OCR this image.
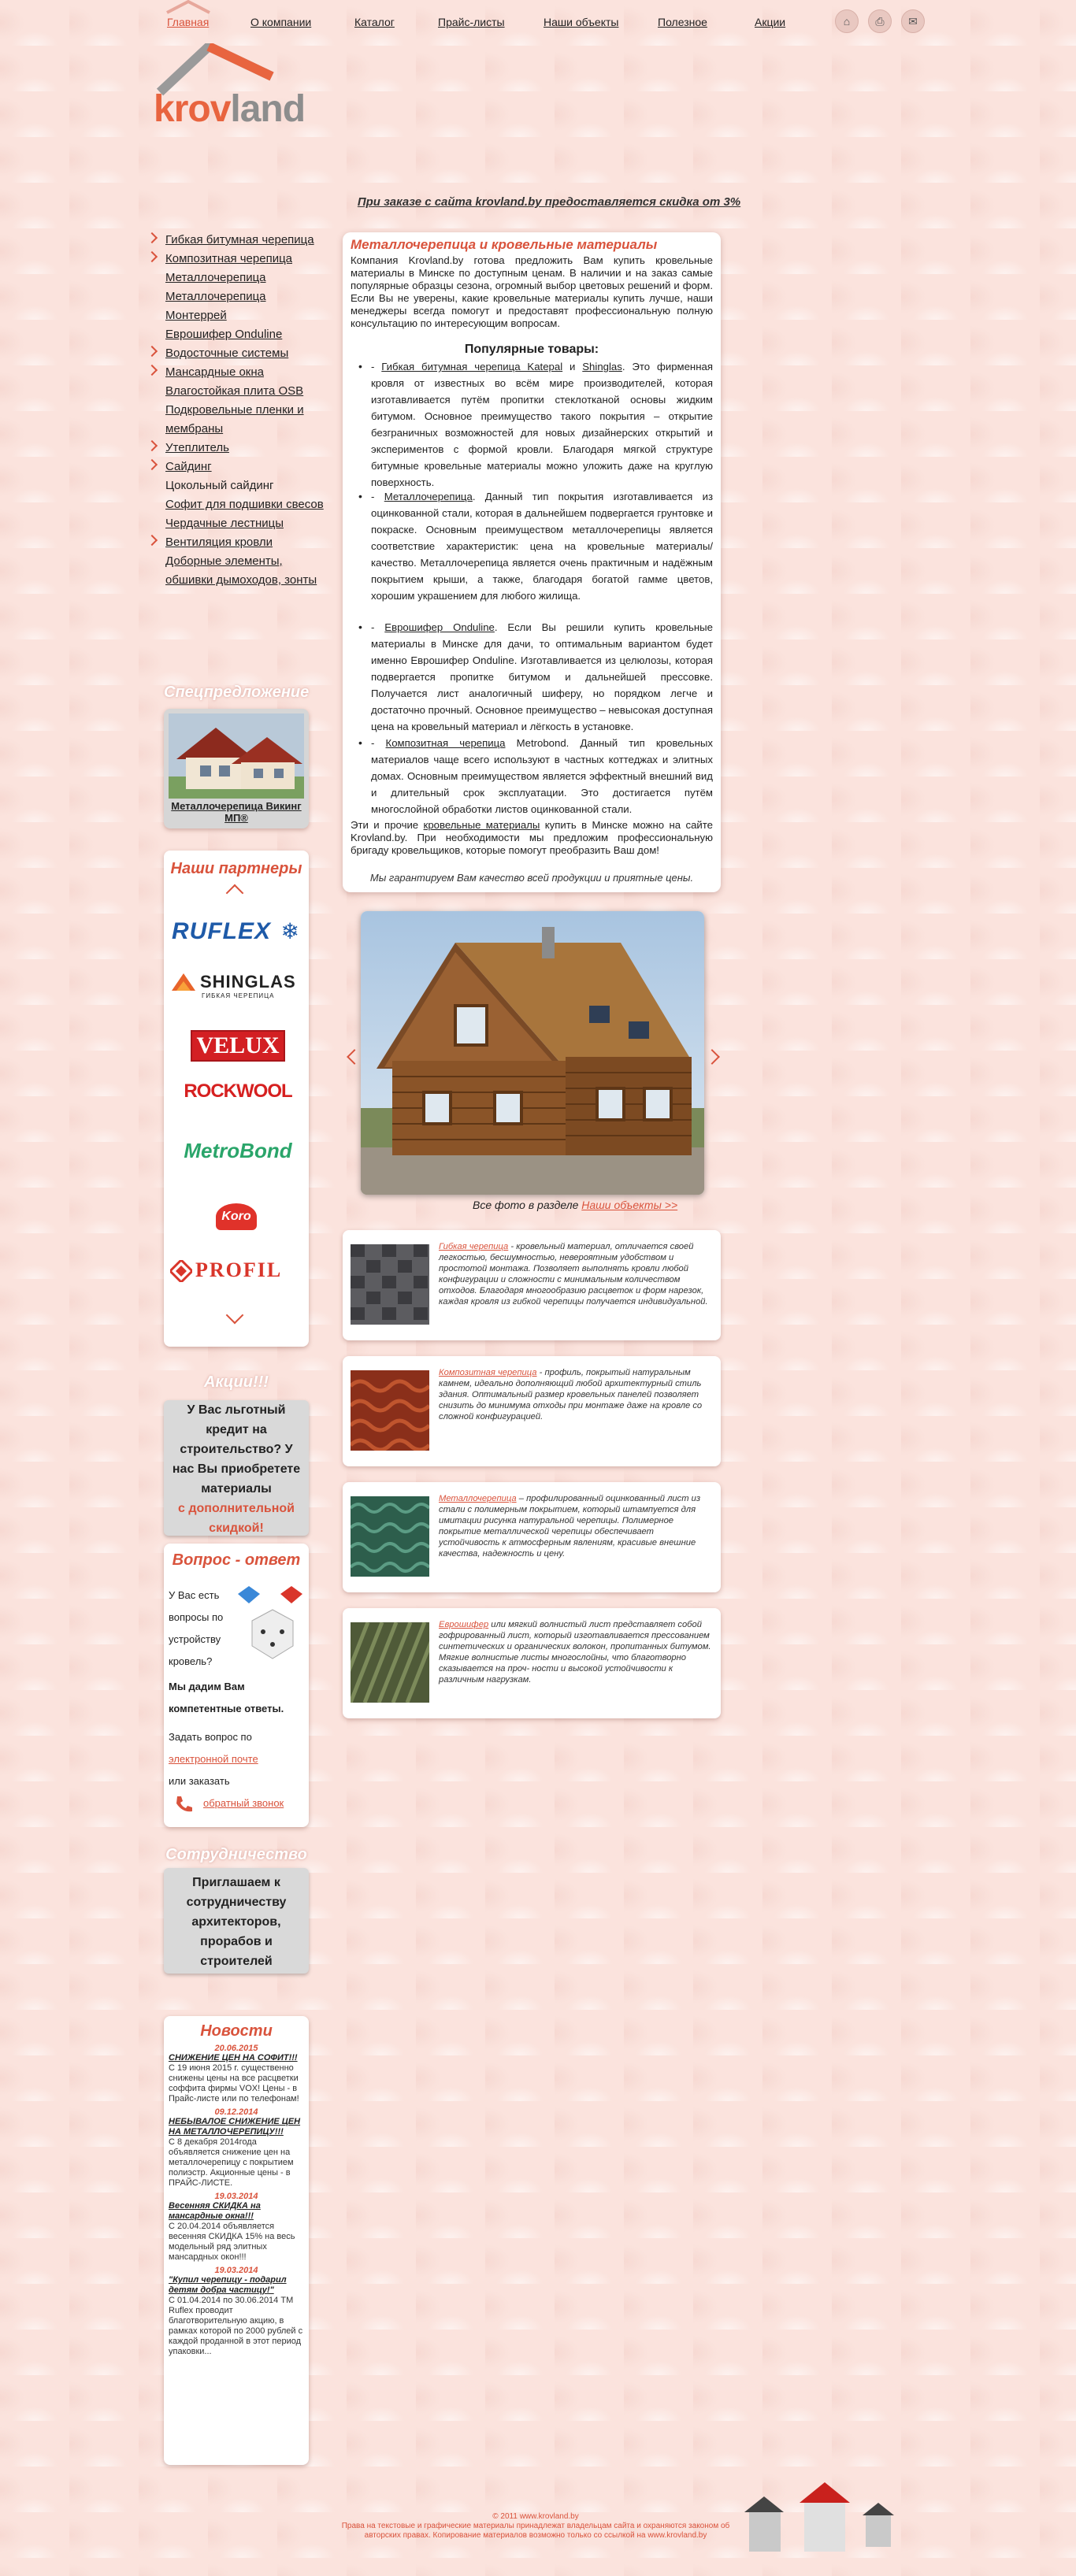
Главная	О компании	Каталог	Прайс-листы	Наши объекты	Полезное	Акции	⌂	⎙	✉
krovland
При заказе с сайта krovland.by предоставляется скидка от 3%
Гибкая битумная черепица
Композитная черепица
Металлочерепица
Металлочерепица
Монтеррей
Еврошифер Onduline
Водосточные системы
Мансардные окна
Влагостойкая плита OSB
Подкровельные пленки и мембраны
Утеплитель
Сайдинг
Цокольный сайдинг
Софит для подшивки свесов
Чердачные лестницы
Вентиляция кровли
Доборные элементы, обшивки дымоходов, зонты
Спецпредложение
Металлочерепица Викинг МП®
Наши партнеры
RUFLEX ❄
SHINGLAS
ГИБКАЯ ЧЕРЕПИЦА
VELUX
ROCKWOOL
MetroBond
Koro
PROFIL
Акции!!!
У Вас льготный кредит на строительство? У нас Вы приобретете материалы
с дополнительной скидкой!
Вопрос - ответ
У Вас есть вопросы по устройству кровель?
Мы дадим Вам компетентные ответы.
Задать вопрос по
электронной почте
или заказать
обратный звонок
Сотрудничество
Приглашаем к сотрудничеству архитекторов, прорабов и строителей
Новости
20.06.2015
СНИЖЕНИЕ ЦЕН НА СОФИТ!!!
С 19 июня 2015 г. существенно снижены цены на все расцветки соффита фирмы VOX! Цены - в Прайс-листе или по телефонам!
09.12.2014
НЕБЫВАЛОЕ СНИЖЕНИЕ ЦЕН НА МЕТАЛЛОЧЕРЕПИЦУ!!!
С 8 декабря 2014года объявляется снижение цен на металлочерепицу с покрытием полиэстр. Акционные цены - в ПРАЙС-ЛИСТЕ.
19.03.2014
Весенняя СКИДКА на мансардные окна!!!
С 20.04.2014 объявляется весенняя СКИДКА 15% на весь модельный ряд элитных мансардных окон!!!
19.03.2014
"Купил черепицу - подарил детям добра частицу!"
С 01.04.2014 по 30.06.2014 ТМ Ruflex проводит благотворительную акцию, в рамках которой по 2000 рублей с каждой проданной в этот период упаковки...
Металлочерепица и кровельные материалы
Компания Krovland.by готова предложить Вам купить кровельные материалы в Минске по доступным ценам. В наличии и на заказ самые популярные образцы сезона, огромный выбор цветовых решений и форм. Если Вы не уверены, какие кровельные материалы купить лучше, наши менеджеры всегда помогут и предоставят профессиональную полную консультацию по интересующим вопросам.
Популярные товары:
• - Гибкая битумная черепица Katepal и Shinglas. Это фирменная кровля от известных во всём мире производителей, которая изготавливается путём пропитки стеклотканой основы жидким битумом. Основное преимущество такого покрытия – открытие безграничных возможностей для новых дизайнерских открытий и экспериментов с формой кровли. Благодаря мягкой структуре битумные кровельные материалы можно уложить даже на круглую поверхность.
• - Металлочерепица. Данный тип покрытия изготавливается из оцинкованной стали, которая в дальнейшем подвергается грунтовке и покраске. Основным преимуществом металлочерепицы является соответствие характеристик: цена на кровельные материалы/качество. Металлочерепица является очень практичным и надёжным покрытием крыши, а также, благодаря богатой гамме цветов, хорошим украшением для любого жилища.
• - Еврошифер Ondulinе. Если Вы решили купить кровельные материалы в Минске для дачи, то оптимальным вариантом будет именно Еврошифер Ondulinе. Изготавливается из целюлозы, которая подвергается пропитке битумом и дальнейшей прессовке. Получается лист аналогичный шиферу, но порядком легче и достаточно прочный. Основное преимущество – невысокая доступная цена на кровельный материал и лёгкость в установке.
• - Композитная черепица Metrobond. Данный тип кровельных материалов чаще всего используют в частных коттеджах и элитных домах. Основным преимуществом является эффектный внешний вид и длительный срок эксплуатации. Это достигается путём многослойной обработки листов оцинкованной стали.
Эти и прочие кровельные материалы купить в Минске можно на сайте Krovland.by. При необходимости мы предложим профессиональную бригаду кровельщиков, которые помогут преобразить Ваш дом!
Мы гарантируем Вам качество всей продукции и приятные цены.
Все фото в разделе Наши объекты >>
Гибкая черепица - кровельный материал, отличается своей легкостью, бесшумностью, невероятным удобством и простотой монтажа. Позволяет выполнять кровли любой конфигурации и сложности с минимальным количеством отходов. Благодаря многообразию расцветок и форм нарезок, каждая кровля из гибкой черепицы получается индивидуальной.
Композитная черепица - профиль, покрытый натуральным камнем, идеально дополняющий любой архитектурный стиль здания. Оптимальный размер кровельных панелей позволяет снизить до минимума отходы при монтаже даже на кровле со сложной конфигурацией.
Металлочерепица – профилированный оцинкованный лист из стали с полимерным покрытием, который штампуется для имитации рисунка натуральной черепицы. Полимерное покрытие металлической черепицы обеспечивает устойчивость к атмосферным явлениям, красивые внешние качества, надежность и цену.
Еврошифер или мягкий волнистый лист представляет собой гофрированный лист, который изготавливается прессованием синтетических и органических волокон, пропитанных битумом. Мягкие волнистые листы многослойны, что благотворно сказывается на проч- ности и высокой устойчивости к различным нагрузкам.
© 2011 www.krovland.by
Права на текстовые и графические материалы принадлежат владельцам сайта и охраняются законом об авторских правах. Копирование материалов возможно только со ссылкой на www.krovland.by
